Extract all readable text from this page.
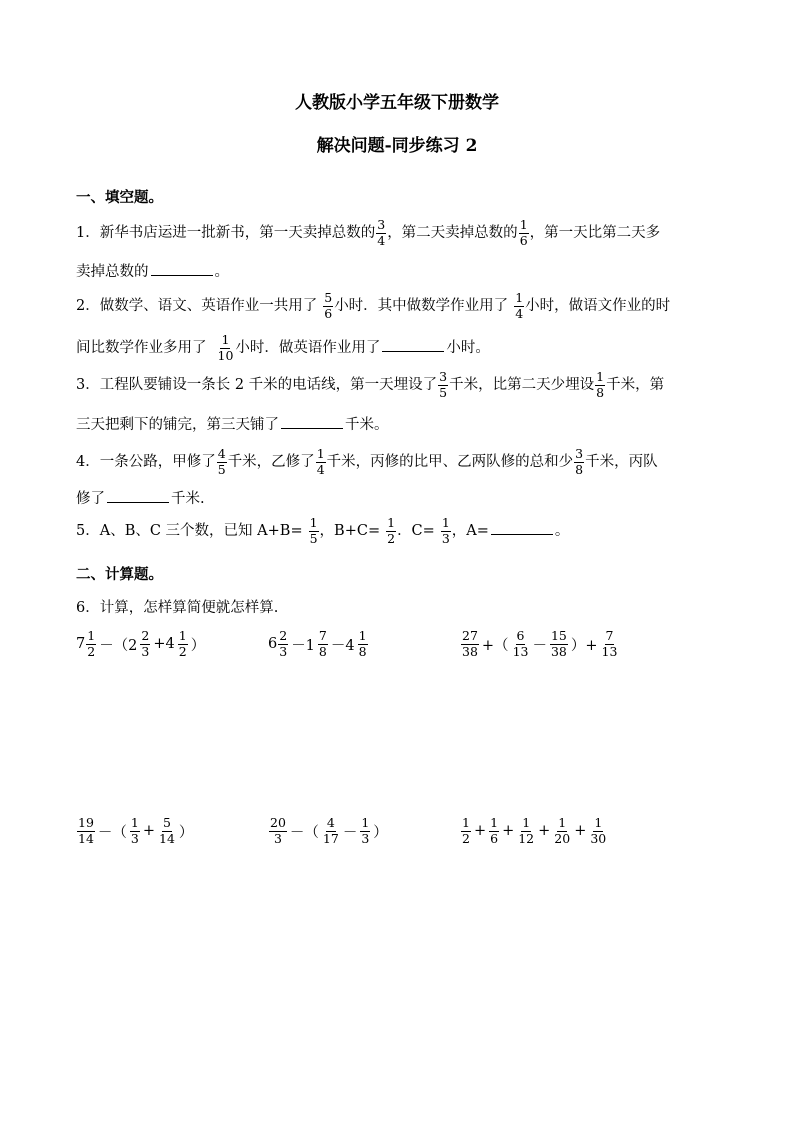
人教版小学五年级下册数学
解决问题-同步练习 2
一、填空题。
1．新华书店运进一批新书，第一天卖掉总数的 $\frac{3}{4}$ ，第二天卖掉总数的 $\frac{1}{6}$ ，第一天比第二天多
卖掉总数的	。
2．做数学、语文、英语作业一共用了 $\frac{5}{6}$ 小时．其中做数学作业用了 $\frac{1}{4}$ 小时，做语文作业的时
间比数学作业多用了 $\frac{1}{10}$ 小时．做英语作业用了	小时。
3．工程队要铺设一条长 2 千米的电话线，第一天埋设了 $\frac{3}{5}$ 千米，比第二天少埋设 $\frac{1}{8}$ 千米，第
三天把剩下的铺完，第三天铺了	千米。
4．一条公路，甲修了 $\frac{4}{5}$ 千米，乙修了 $\frac{1}{4}$ 千米，丙修的比甲、乙两队修的总和少 $\frac{3}{8}$ 千米，丙队
修了	千米.
5．A、B、C 三个数，已知 $A+B= \frac{1}{5}$ ，$B+C= \frac{1}{2}$ ．$C= \frac{1}{3}$ ，A=	。
二、计算题。
6．计算，怎样算简便就怎样算.
$7 \frac{1}{2} -(2 \frac{2}{3} +4 \frac{1}{2}$ ）	$6 \frac{2}{3} -1 \frac{7}{8} -4 \frac{1}{8}$	$\frac{27}{38}$ +（ $\frac{6}{13} - \frac{15}{38}$ ）+ $\frac{7}{13}$
$\frac{19}{14}$ －（ $\frac{1}{3} + \frac{5}{14}$ ）	$\frac{20}{3}$ －（ $\frac{4}{17} - \frac{1}{3}$ ）	$\frac{1}{2} + \frac{1}{6} + \frac{1}{12} + \frac{1}{20} + \frac{1}{30}$
